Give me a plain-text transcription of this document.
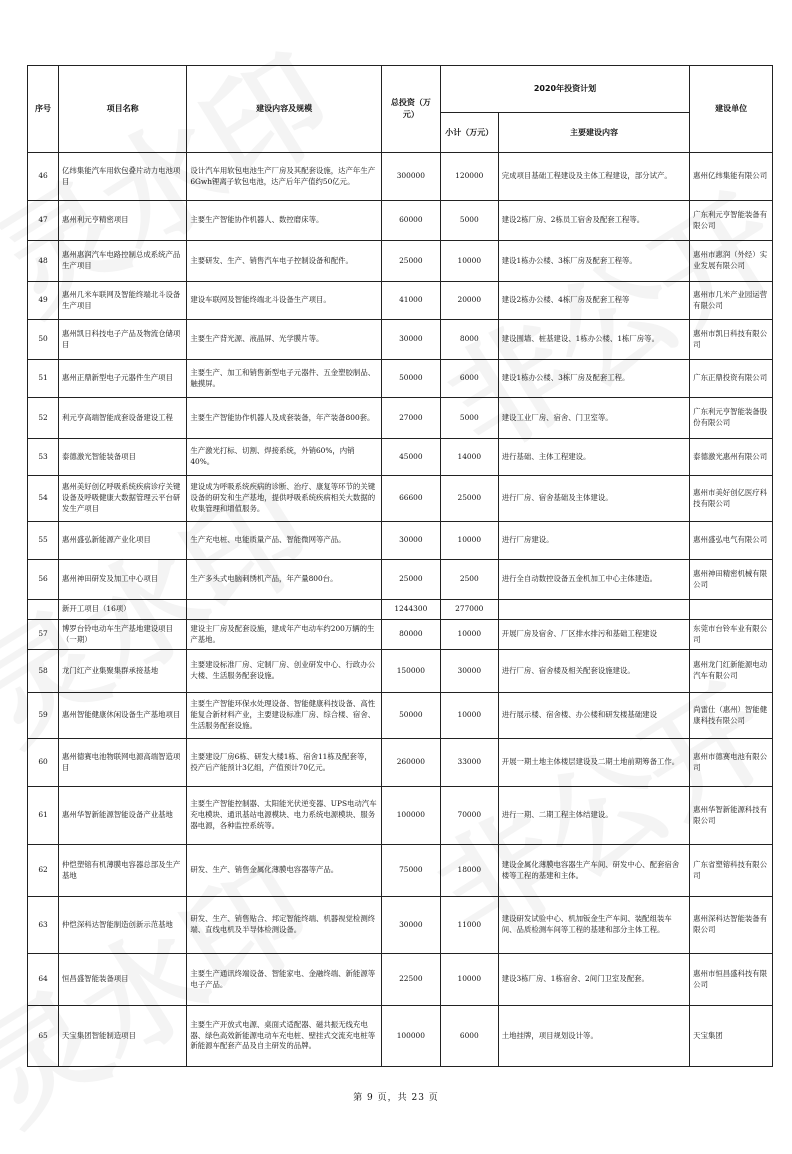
序号	项目名称	建设内容及规模	总投资（万元）	2020年投资计划		建设单位
				小计（万元）	主要建设内容	
46	亿纬集能汽车用软包叠片动力电池项目	设计汽车用软包电池生产厂房及其配套设施，达产年生产6Gwh锂离子软包电池，达产后年产值约50亿元。	300000	120000	完成项目基础工程建设及主体工程建设，部分试产。	惠州亿纬集能有限公司
47	惠州利元亨精密项目	主要生产智能协作机器人、数控磨床等。	60000	5000	建设2栋厂房、2栋员工宿舍及配套工程等。	广东利元亨智能装备有限公司
48	惠州惠润汽车电路控制总成系统产品生产项目	主要研发、生产、销售汽车电子控制设备和配件。	25000	10000	建设1栋办公楼、3栋厂房及配套工程等。	惠州市惠润（外经）实业发展有限公司
49	惠州几米车联网及智能终端北斗设备生产项目	建设车联网及智能终端北斗设备生产项目。	41000	20000	建设2栋办公楼、4栋厂房及配套工程等	惠州市几米产业园运营有限公司
50	惠州凯日科技电子产品及物流仓储项目	主要生产背光源、液晶屏、光学膜片等。	30000	8000	建设围墙、桩基建设、1栋办公楼、1栋厂房等。	惠州市凯日科技有限公司
51	惠州正鼎新型电子元器件生产项目	主要生产、加工和销售新型电子元器件、五金塑胶制品、触摸屏。	50000	6000	建设1栋办公楼、3栋厂房及配套工程。	广东正鼎投资有限公司
52	利元亨高端智能成套设备建设工程	主要生产智能协作机器人及成套装备，年产装备800套。	27000	5000	建设工业厂房、宿舍、门卫室等。	广东利元亨智能装备股份有限公司
53	泰德激光智能装备项目	生产激光打标、切割、焊接系统，外销60%，内销40%。	45000	14000	进行基础、主体工程建设。	泰德激光惠州有限公司
54	惠州美好创亿呼吸系统疾病诊疗关键设备及呼吸健康大数据管理云平台研发生产项目	建设成为呼吸系统疾病的诊断、治疗、康复等环节的关键设备的研发和生产基地，提供呼吸系统疾病相关大数据的收集管理和增值服务。	66600	25000	进行厂房、宿舍基础及主体建设。	惠州市美好创亿医疗科技有限公司
55	惠州盛弘新能源产业化项目	生产充电桩、电能质量产品、智能微网等产品。	30000	10000	进行厂房建设。	惠州盛弘电气有限公司
56	惠州神田研发及加工中心项目	生产多头式电脑刺绣机产品，年产量800台。	25000	2500	进行全自动数控设备五金机加工中心主体建造。	惠州神田精密机械有限公司
	新开工项目（16项）		1244300	277000		
57	博罗台铃电动车生产基地建设项目（一期）	建设主厂房及配套设施，建成年产电动车约200万辆的生产基地。	80000	10000	开展厂房及宿舍、厂区排水排污和基础工程建设	东莞市台铃车业有限公司
58	龙门红产业集聚集群承接基地	主要建设标准厂房、定制厂房、创业研发中心、行政办公大楼、生活服务配套设施。	150000	30000	进行厂房、宿舍楼及相关配套设施建设。	惠州龙门红新能源电动汽车有限公司
59	惠州智能健康休闲设备生产基地项目	主要生产智能环保水处理设备、智能健康科技设备、高性能复合新材料产业，主要建设标准厂房、综合楼、宿舍、生活服务配套设施。	50000	10000	进行展示楼、宿舍楼、办公楼和研发楼基础建设	尚雷仕（惠州）智能健康科技有限公司
60	惠州德赛电池物联网电源高端智造项目	主要建设厂房6栋、研发大楼1栋、宿舍11栋及配套等，投产后产能预计3亿组，产值预计70亿元。	260000	33000	开展一期土地主体楼层建设及二期土地前期筹备工作。	惠州市德赛电池有限公司
61	惠州华智新能源智能设备产业基地	主要生产智能控制器、太阳能光伏逆变器、UPS电动汽车充电模块、通讯基站电源模块、电力系统电源模块、服务器电源，各种监控系统等。	100000	70000	进行一期、二期工程主体结建设。	惠州华智新能源科技有限公司
62	仲恺塑镕有机薄膜电容器总部及生产基地	研发、生产、销售金属化薄膜电容器等产品。	75000	18000	建设金属化薄膜电容器生产车间、研发中心、配套宿舍楼等工程的基建和主体。	广东省塑镕科技有限公司
63	仲恺深科达智能制造创新示范基地	研发、生产、销售贴合、邦定智能终端、机器视觉检测终端、直线电机及半导体检测设备。	30000	11000	建设研发试验中心、机加钣金生产车间、装配组装车间、品质检测车间等工程的基建和部分主体工程。	惠州深科达智能装备有限公司
64	恒昌盛智能装备项目	主要生产通讯终端设备、智能家电、金融终端、新能源等电子产品。	22500	10000	建设3栋厂房、1栋宿舍、2间门卫室及配套。	惠州市恒昌盛科技有限公司
65	天宝集团智能制造项目	主要生产开放式电源、桌面式适配器、磁共振无线充电器、绿色高效新能源电动车充电桩、壁挂式交流充电桩等新能源车配套产品及自主研发的品牌。	100000	6000	土地挂牌，项目规划设计等。	天宝集团
第 9 页，共 23 页
